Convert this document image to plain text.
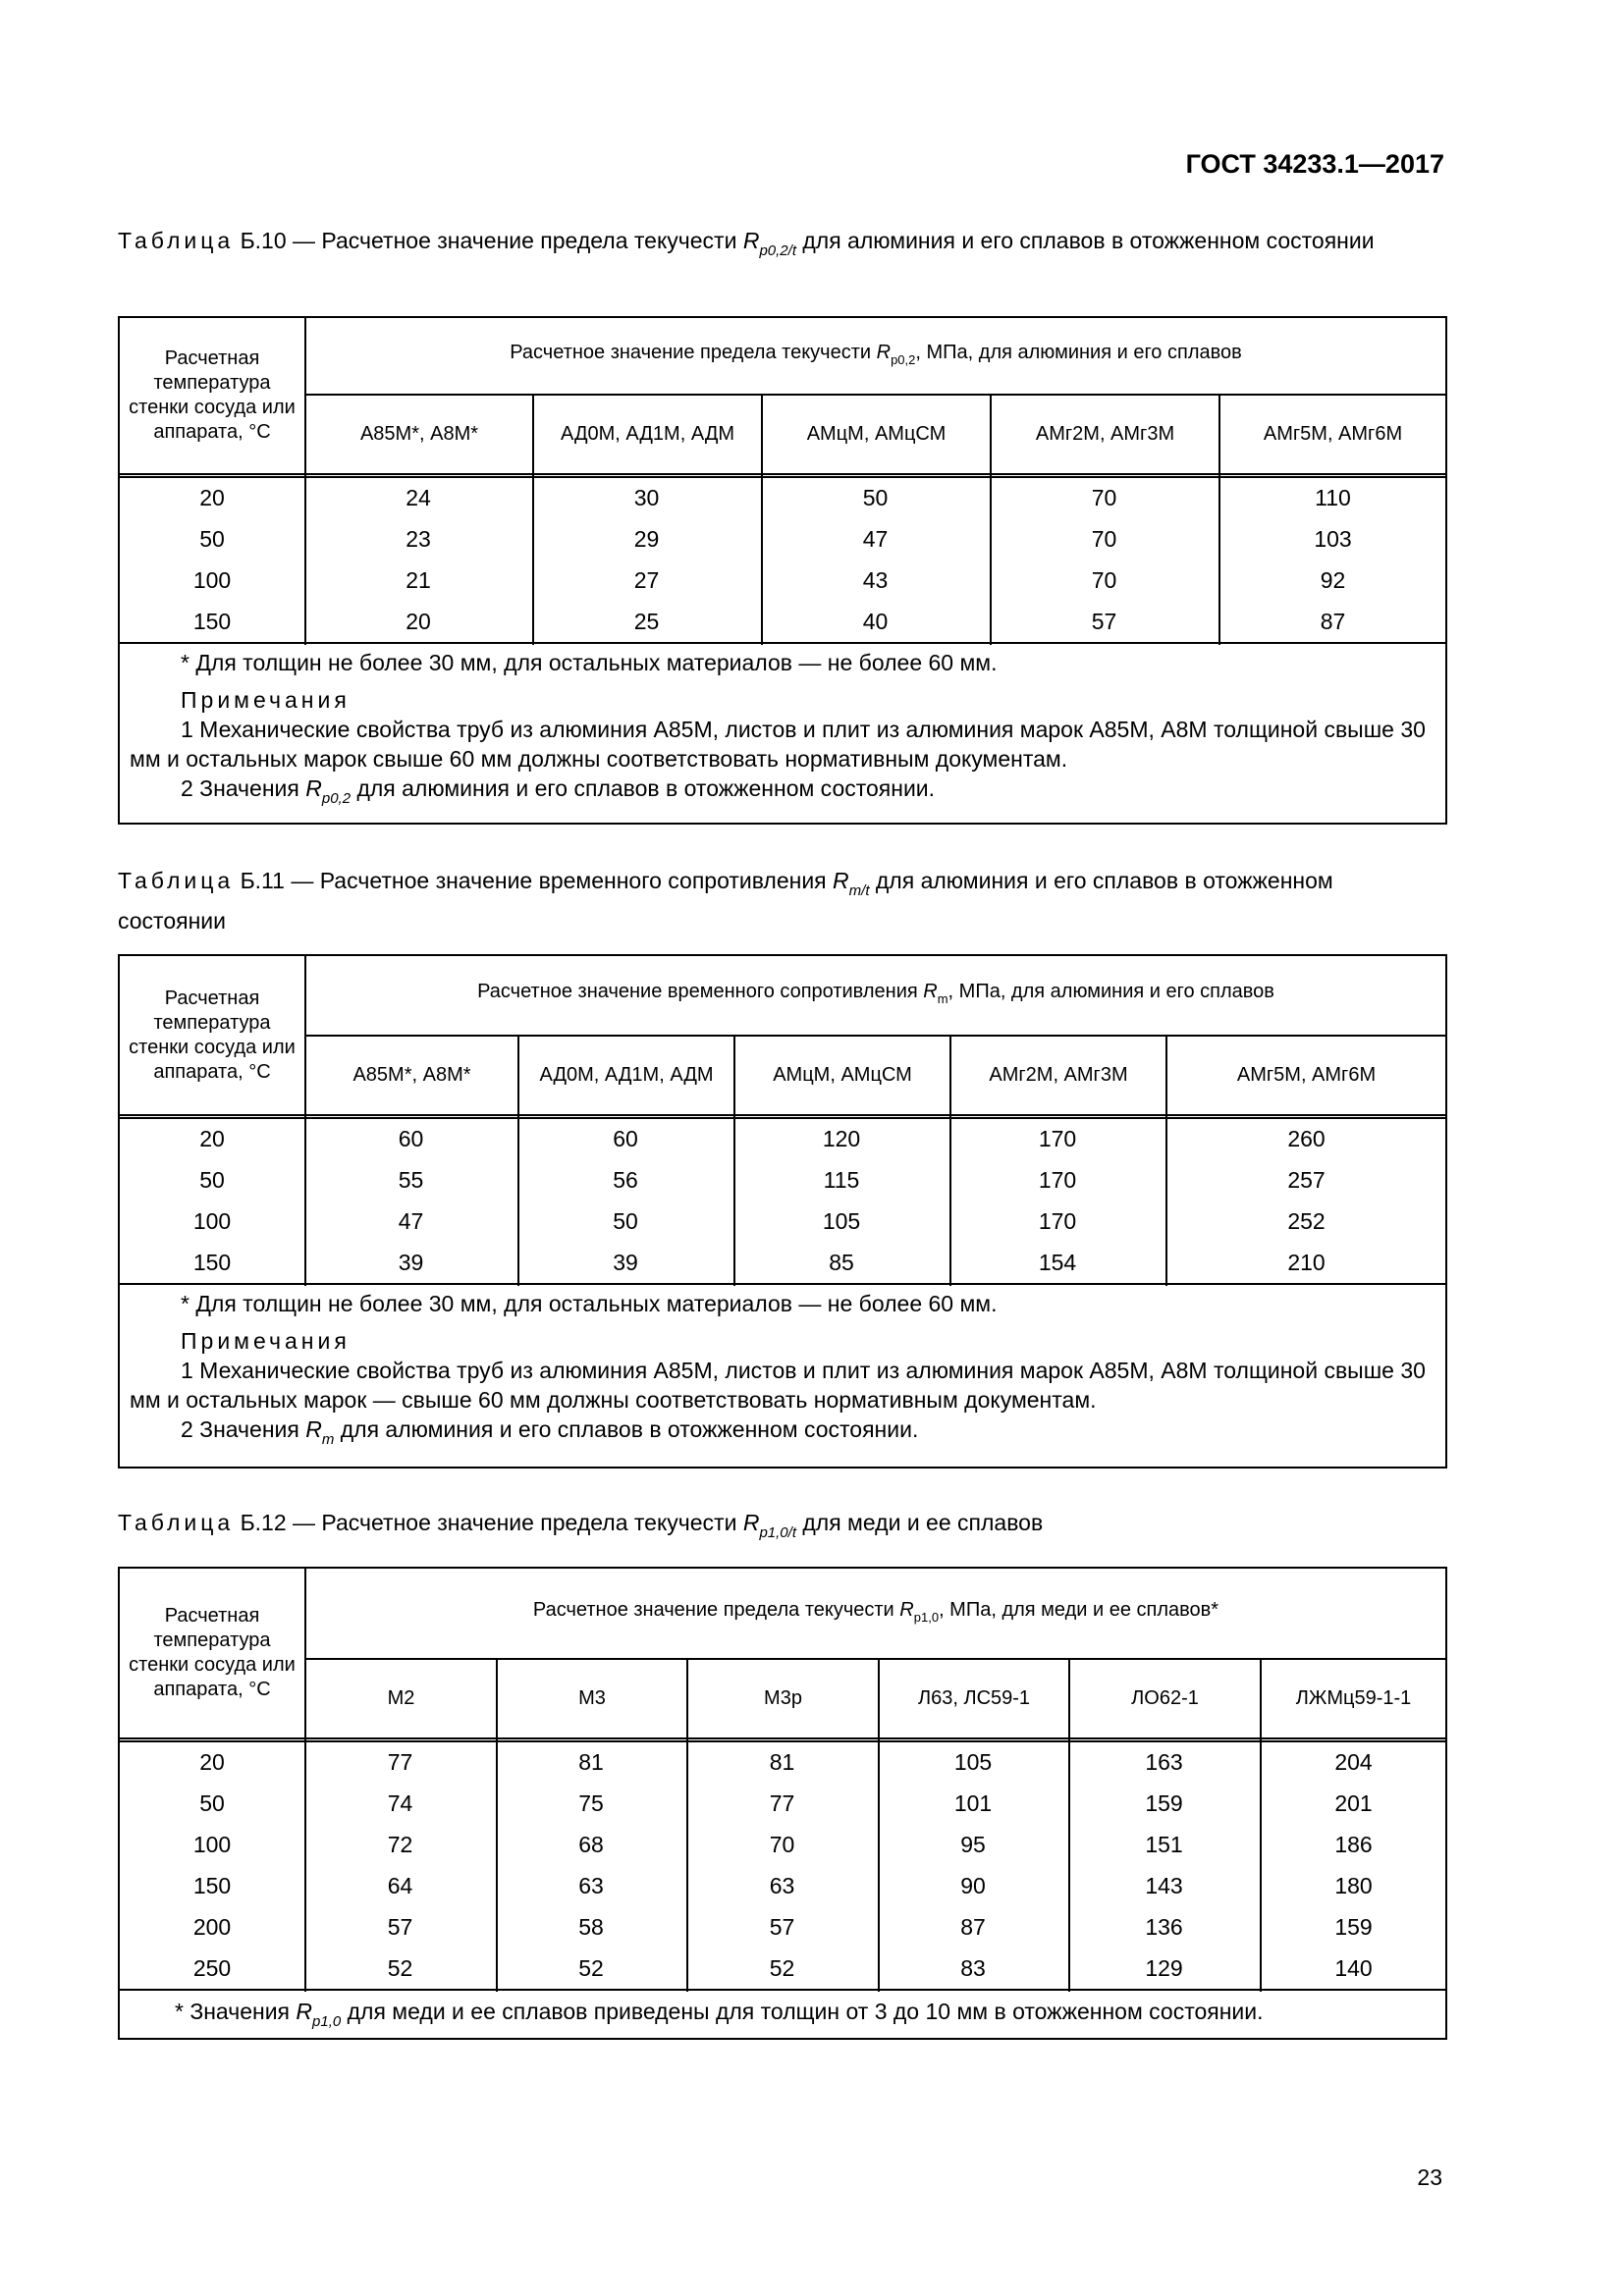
ГОСТ 34233.1—2017
Таблица Б.10 — Расчетное значение предела текучести $R_{p0,2/t}$ для алюминия и его сплавов в отожженном состоянии
Расчетная температура стенки сосуда или аппарата, °С
Расчетное значение предела текучести $R_{p0,2}$, МПа, для алюминия и его сплавов
А85М*, А8М*	АД0М, АД1М, АДМ	АМцМ, АМцСМ	АМг2М, АМг3М	АМг5М, АМг6М
20	24	30	50	70	110
50	23	29	47	70	103
100	21	27	43	70	92
150	20	25	40	57	87
* Для толщин не более 30 мм, для остальных материалов — не более 60 мм.
Примечания
1 Механические свойства труб из алюминия А85М, листов и плит из алюминия марок А85М, А8М толщиной свыше 30 мм и остальных марок свыше 60 мм должны соответствовать нормативным документам.
2 Значения $R_{p0,2}$ для алюминия и его сплавов в отожженном состоянии.
Таблица Б.11 — Расчетное значение временного сопротивления $R_{m/t}$ для алюминия и его сплавов в отожженном состоянии
Расчетная температура стенки сосуда или аппарата, °С
Расчетное значение временного сопротивления $R_m$, МПа, для алюминия и его сплавов
А85М*, А8М*	АД0М, АД1М, АДМ	АМцМ, АМцСМ	АМг2М, АМг3М	АМг5М, АМг6М
20	60	60	120	170	260
50	55	56	115	170	257
100	47	50	105	170	252
150	39	39	85	154	210
* Для толщин не более 30 мм, для остальных материалов — не более 60 мм.
Примечания
1 Механические свойства труб из алюминия А85М, листов и плит из алюминия марок А85М, А8М толщиной свыше 30 мм и остальных марок — свыше 60 мм должны соответствовать нормативным документам.
2 Значения $R_m$ для алюминия и его сплавов в отожженном состоянии.
Таблица Б.12 — Расчетное значение предела текучести $R_{p1,0/t}$ для меди и ее сплавов
Расчетная температура стенки сосуда или аппарата, °С
Расчетное значение предела текучести $R_{p1,0}$, МПа, для меди и ее сплавов*
М2	М3	М3р	Л63, ЛС59-1	ЛО62-1	ЛЖМц59-1-1
20	77	81	81	105	163	204
50	74	75	77	101	159	201
100	72	68	70	95	151	186
150	64	63	63	90	143	180
200	57	58	57	87	136	159
250	52	52	52	83	129	140
* Значения $R_{p1,0}$ для меди и ее сплавов приведены для толщин от 3 до 10 мм в отожженном состоянии.
23
